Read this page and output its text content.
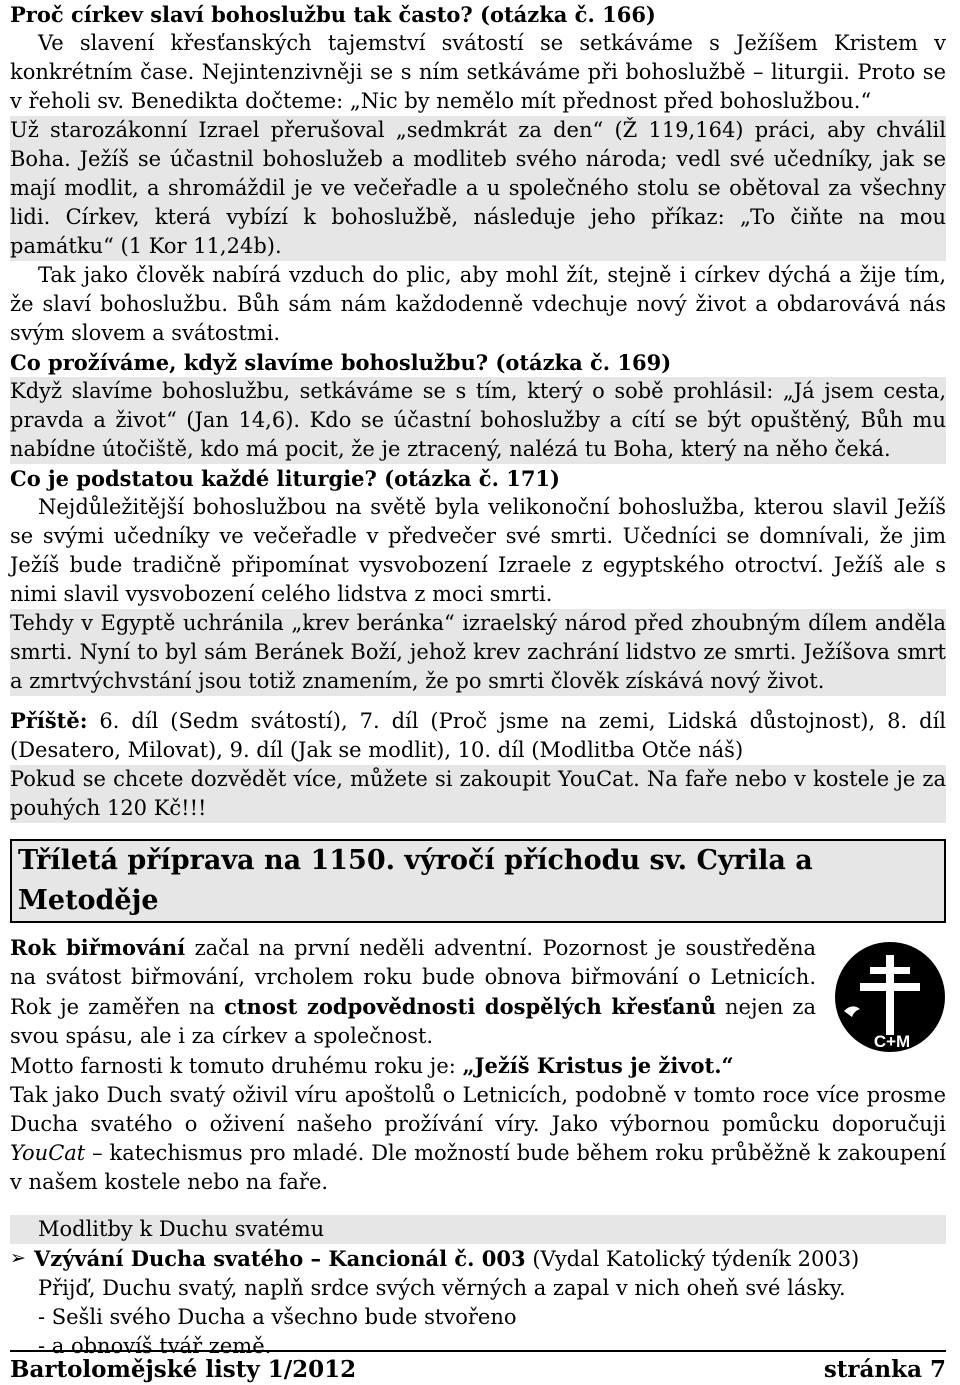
Proč církev slaví bohoslužbu tak často? (otázka č. 166)

Ve slavení křesťanských tajemství svátostí se setkáváme s Ježíšem Kristem v konkrétním čase. Nejintenzivněji se s ním setkáváme při bohoslužbě – liturgii. Proto se v řeholi sv. Benedikta dočteme: „Nic by nemělo mít přednost před bohoslužbou.“

Už starozákonní Izrael přerušoval „sedmkrát za den“ (Ž 119,164) práci, aby chválil Boha. Ježíš se účastnil bohoslužeb a modliteb svého národa; vedl své učedníky, jak se mají modlit, a shromáždil je ve večeřadle a u společného stolu se obětoval za všechny lidi. Církev, která vybízí k bohoslužbě, následuje jeho příkaz: „To čiňte na mou památku“ (1 Kor 11,24b).

Tak jako člověk nabírá vzduch do plic, aby mohl žít, stejně i církev dýchá a žije tím, že slaví bohoslužbu. Bůh sám nám každodenně vdechuje nový život a obdarovává nás svým slovem a svátostmi.

Co prožíváme, když slavíme bohoslužbu? (otázka č. 169)

Když slavíme bohoslužbu, setkáváme se s tím, který o sobě prohlásil: „Já jsem cesta, pravda a život“ (Jan 14,6). Kdo se účastní bohoslužby a cítí se být opuštěný, Bůh mu nabídne útočiště, kdo má pocit, že je ztracený, nalézá tu Boha, který na něho čeká.

Co je podstatou každé liturgie? (otázka č. 171)

Nejdůležitější bohoslužbou na světě byla velikonoční bohoslužba, kterou slavil Ježíš se svými učedníky ve večeřadle v předvečer své smrti. Učedníci se domnívali, že jim Ježíš bude tradičně připomínat vysvobození Izraele z egyptského otroctví. Ježíš ale s nimi slavil vysvobození celého lidstva z moci smrti.

Tehdy v Egyptě uchránila „krev beránka“ izraelský národ před zhoubným dílem anděla smrti. Nyní to byl sám Beránek Boží, jehož krev zachrání lidstvo ze smrti. Ježíšova smrt a zmrtvýchvstání jsou totiž znamením, že po smrti člověk získává nový život.

Příště: 6. díl (Sedm svátostí), 7. díl (Proč jsme na zemi, Lidská důstojnost), 8. díl (Desatero, Milovat), 9. díl (Jak se modlit), 10. díl (Modlitba Otče náš)

Pokud se chcete dozvědět více, můžete si zakoupit YouCat. Na faře nebo v kostele je za pouhých 120 Kč!!!

Tříletá příprava na 1150. výročí příchodu sv. Cyrila a Metoděje

Rok biřmování začal na první neděli adventní. Pozornost je soustředěna na svátost biřmování, vrcholem roku bude obnova biřmování o Letnicích. Rok je zaměřen na ctnost zodpovědnosti dospělých křesťanů nejen za svou spásu, ale i za církev a společnost.
Motto farnosti k tomuto druhému roku je: „Ježíš Kristus je život.“

C+M

Tak jako Duch svatý oživil víru apoštolů o Letnicích, podobně v tomto roce více prosme Ducha svatého o oživení našeho prožívání víry. Jako výbornou pomůcku doporučuji YouCat – katechismus pro mladé. Dle možností bude během roku průběžně k zakoupení v našem kostele nebo na faře.

Modlitby k Duchu svatému

➢ Vzývání Ducha svatého – Kancionál č. 003 (Vydal Katolický týdeník 2003)

Přijď, Duchu svatý, naplň srdce svých věrných a zapal v nich oheň své lásky.

- Sešli svého Ducha a všechno bude stvořeno

- a obnovíš tvář země.

Bartolomějské listy 1/2012	stránka 7
